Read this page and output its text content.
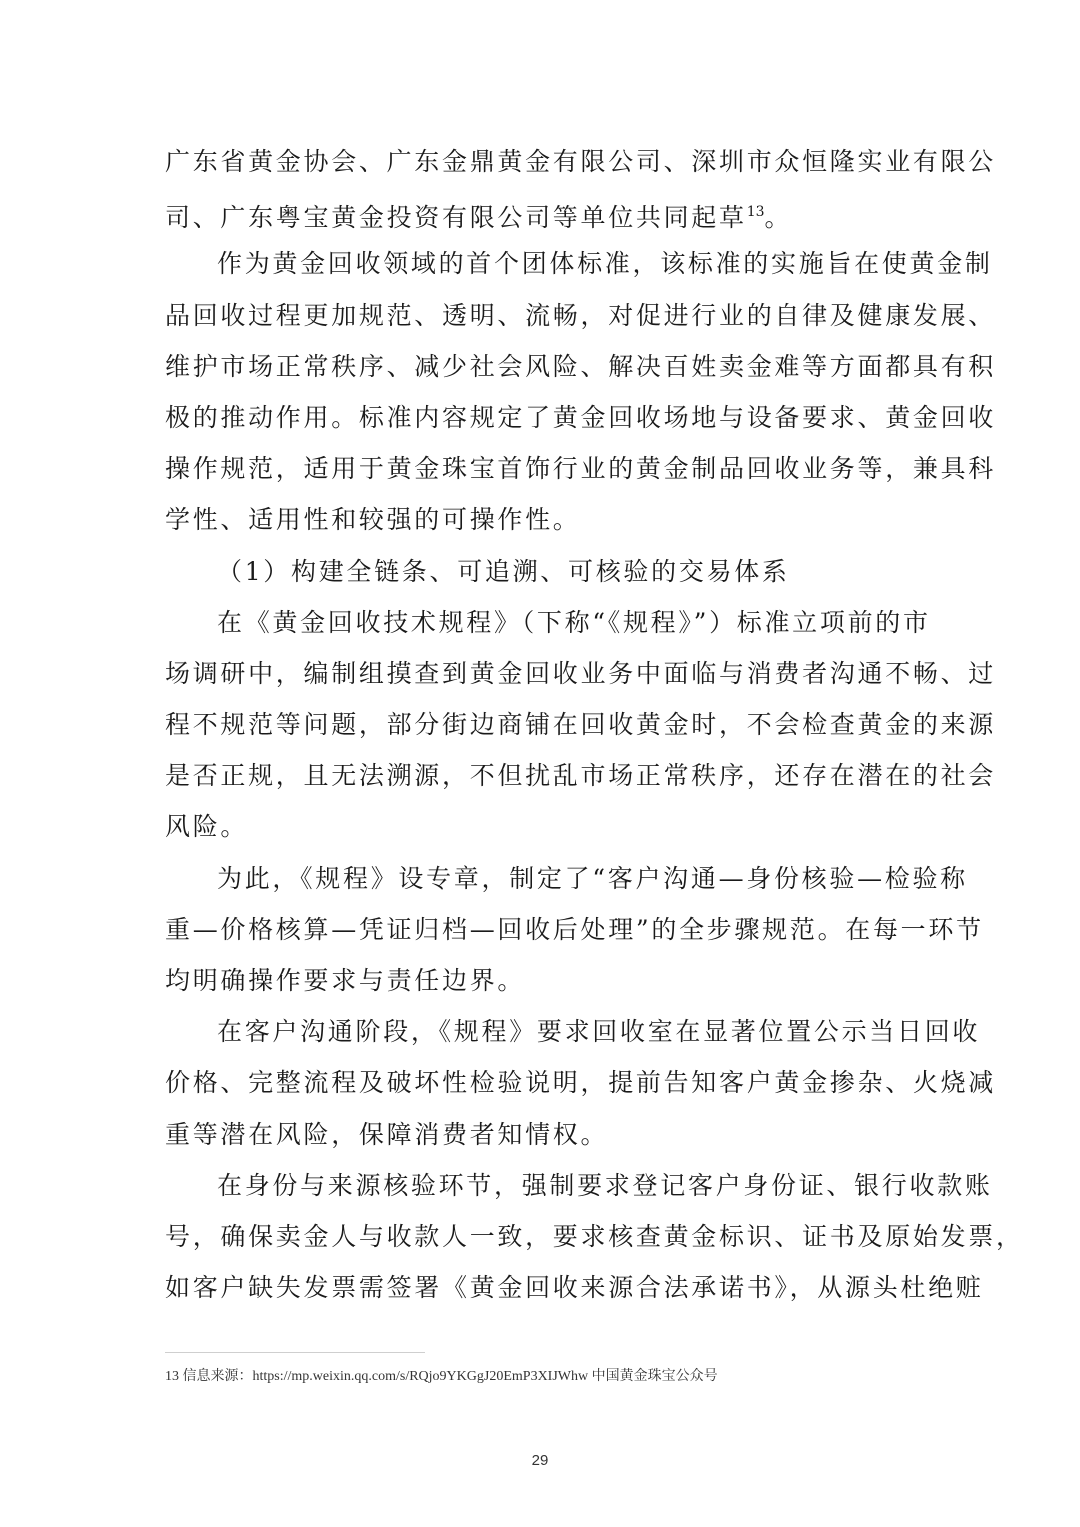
广东省黄金协会、广东金鼎黄金有限公司、深圳市众恒隆实业有限公
司、广东粤宝黄金投资有限公司等单位共同起草$^{13}$。
作为黄金回收领域的首个团体标准，该标准的实施旨在使黄金制
品回收过程更加规范、透明、流畅，对促进行业的自律及健康发展、
维护市场正常秩序、减少社会风险、解决百姓卖金难等方面都具有积
极的推动作用。标准内容规定了黄金回收场地与设备要求、黄金回收
操作规范，适用于黄金珠宝首饰行业的黄金制品回收业务等，兼具科
学性、适用性和较强的可操作性。
（1）构建全链条、可追溯、可核验的交易体系
在《黄金回收技术规程》（下称“《规程》”）标准立项前的市
场调研中，编制组摸查到黄金回收业务中面临与消费者沟通不畅、过
程不规范等问题，部分街边商铺在回收黄金时，不会检查黄金的来源
是否正规，且无法溯源，不但扰乱市场正常秩序，还存在潜在的社会
风险。
为此，《规程》设专章，制定了“客户沟通—身份核验—检验称
重—价格核算—凭证归档—回收后处理”的全步骤规范。在每一环节
均明确操作要求与责任边界。
在客户沟通阶段，《规程》要求回收室在显著位置公示当日回收
价格、完整流程及破坏性检验说明，提前告知客户黄金掺杂、火烧减
重等潜在风险，保障消费者知情权。
在身份与来源核验环节，强制要求登记客户身份证、银行收款账
号，确保卖金人与收款人一致，要求核查黄金标识、证书及原始发票，
如客户缺失发票需签署《黄金回收来源合法承诺书》，从源头杜绝赃
13 信息来源：https://mp.weixin.qq.com/s/RQjo9YKGgJ20EmP3XIJWhw 中国黄金珠宝公众号
29
